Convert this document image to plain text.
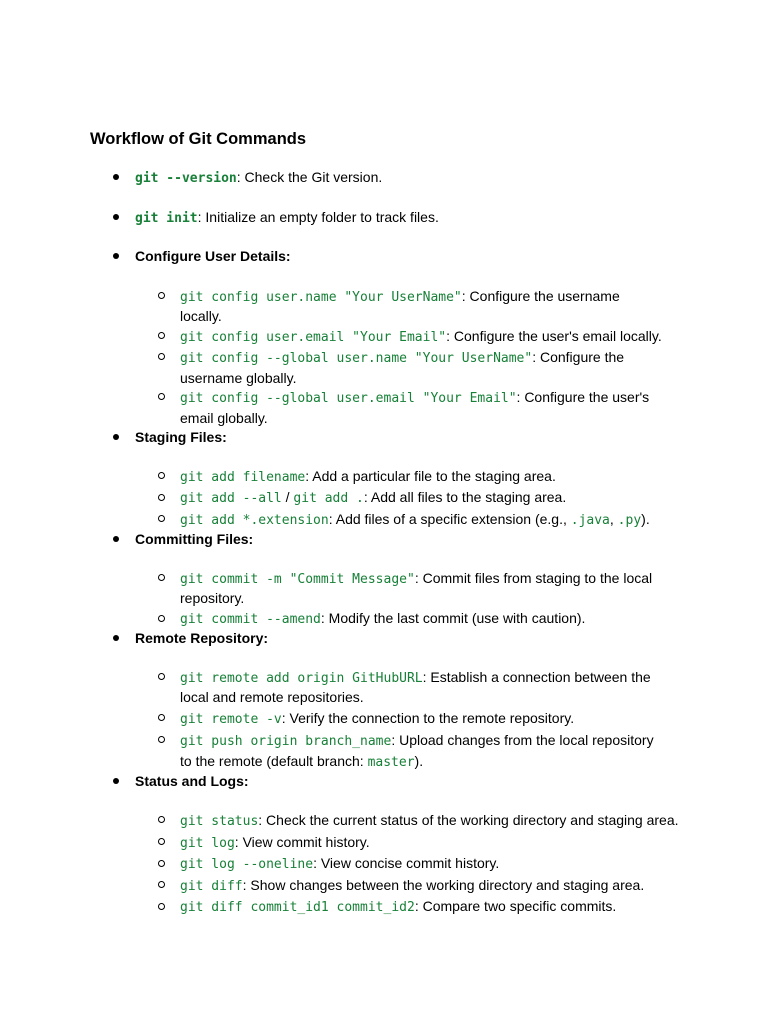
Workflow of Git Commands
git --version: Check the Git version.
git init: Initialize an empty folder to track files.
Configure User Details:
git config user.name "Your UserName": Configure the username
locally.
git config user.email "Your Email": Configure the user's email locally.
git config --global user.name "Your UserName": Configure the
username globally.
git config --global user.email "Your Email": Configure the user's
email globally.
Staging Files:
git add filename: Add a particular file to the staging area.
git add --all / git add .: Add all files to the staging area.
git add *.extension: Add files of a specific extension (e.g., .java, .py).
Committing Files:
git commit -m "Commit Message": Commit files from staging to the local
repository.
git commit --amend: Modify the last commit (use with caution).
Remote Repository:
git remote add origin GitHubURL: Establish a connection between the
local and remote repositories.
git remote -v: Verify the connection to the remote repository.
git push origin branch_name: Upload changes from the local repository
to the remote (default branch: master).
Status and Logs:
git status: Check the current status of the working directory and staging area.
git log: View commit history.
git log --oneline: View concise commit history.
git diff: Show changes between the working directory and staging area.
git diff commit_id1 commit_id2: Compare two specific commits.
